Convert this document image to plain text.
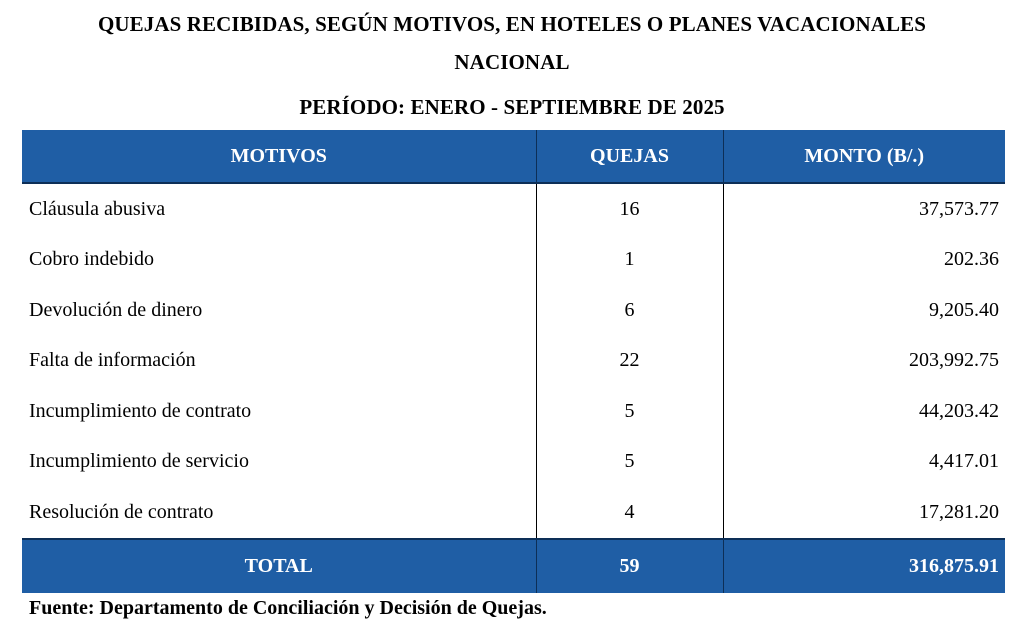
QUEJAS RECIBIDAS, SEGÚN MOTIVOS, EN HOTELES O PLANES VACACIONALES
NACIONAL
PERÍODO: ENERO - SEPTIEMBRE DE 2025
MOTIVOS	QUEJAS	MONTO (B/.)
Cláusula abusiva	16	37,573.77
Cobro indebido	1	202.36
Devolución de dinero	6	9,205.40
Falta de información	22	203,992.75
Incumplimiento de contrato	5	44,203.42
Incumplimiento de servicio	5	4,417.01
Resolución de contrato	4	17,281.20
TOTAL	59	316,875.91
Fuente: Departamento de Conciliación y Decisión de Quejas.
